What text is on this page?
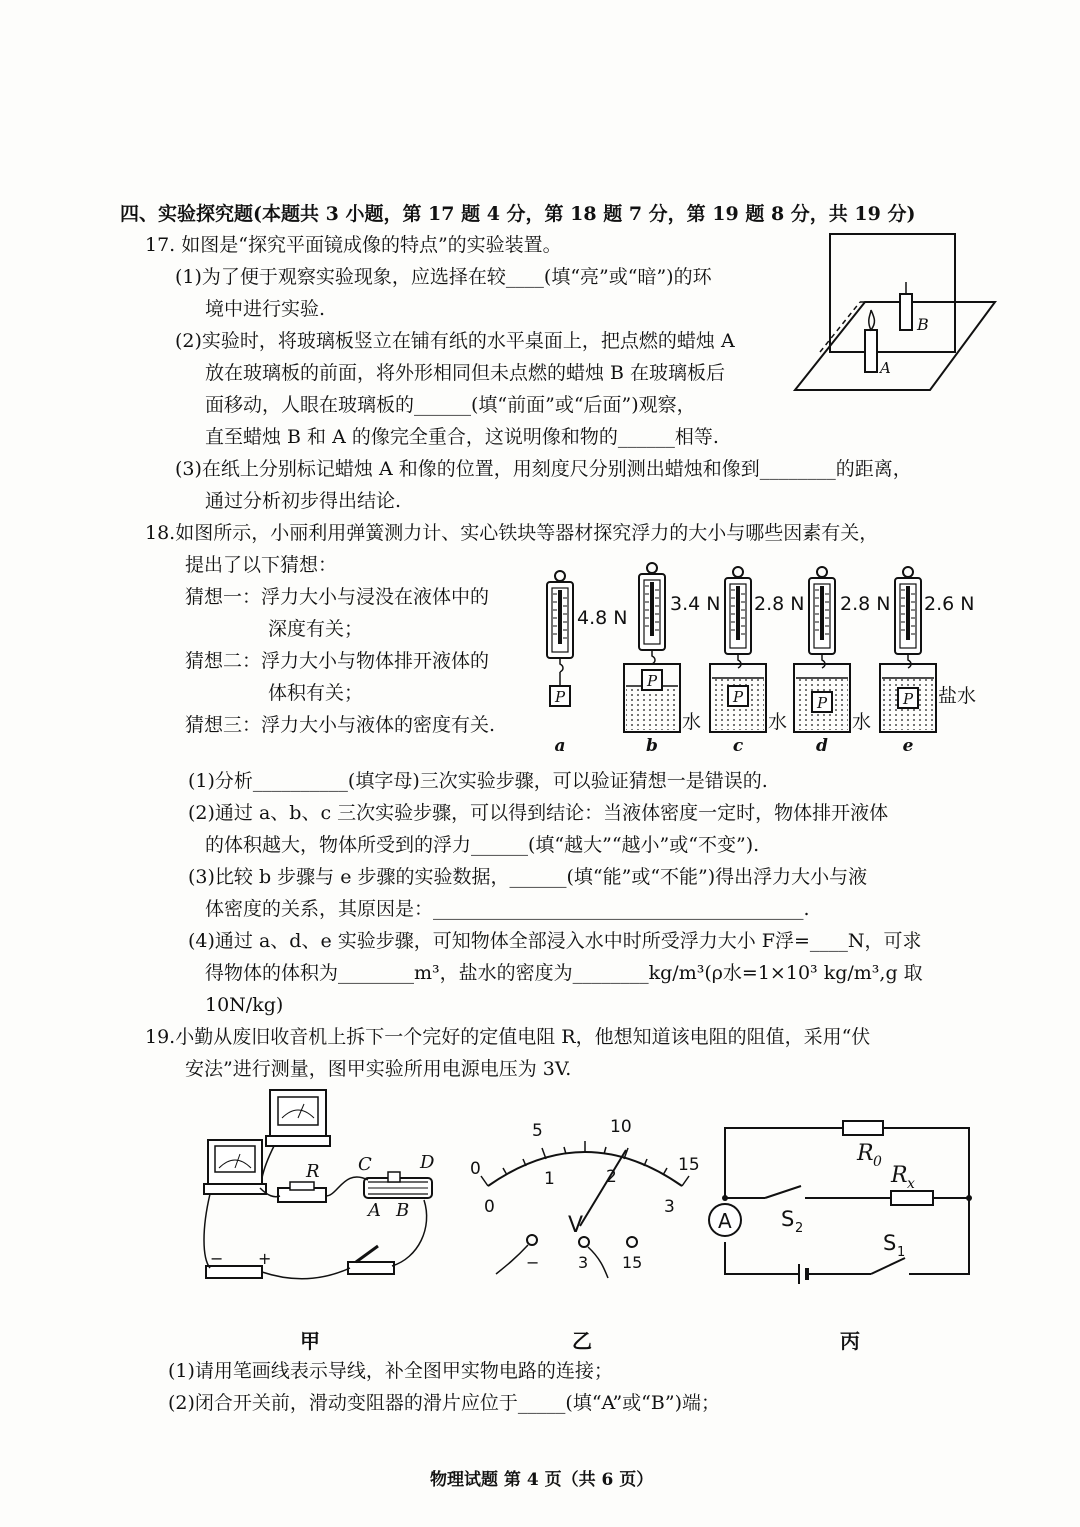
四、实验探究题(本题共 3 小题，第 17 题 4 分，第 18 题 7 分，第 19 题 8 分，共 19 分)
17. 如图是“探究平面镜成像的特点”的实验装置。
(1)为了便于观察实验现象，应选择在较____(填“亮”或“暗”)的环
境中进行实验.
(2)实验时，将玻璃板竖立在铺有纸的水平桌面上，把点燃的蜡烛 A
放在玻璃板的前面，将外形相同但未点燃的蜡烛 B 在玻璃板后
面移动，人眼在玻璃板的______(填“前面”或“后面”)观察，
直至蜡烛 B 和 A 的像完全重合，这说明像和物的______相等.
(3)在纸上分别标记蜡烛 A 和像的位置，用刻度尺分别测出蜡烛和像到________的距离，
通过分析初步得出结论.
B
A
18.如图所示，小丽利用弹簧测力计、实心铁块等器材探究浮力的大小与哪些因素有关，
提出了以下猜想：
猜想一：浮力大小与浸没在液体中的
深度有关；
猜想二：浮力大小与物体排开液体的
体积有关；
猜想三：浮力大小与液体的密度有关.
P
4.8 N
a
P
3.4 N
水
b
P
2.8 N
水
c
P
2.8 N
水
d
P
2.6 N
盐水
e
(1)分析__________(填字母)三次实验步骤，可以验证猜想一是错误的.
(2)通过 a、b、c 三次实验步骤，可以得到结论：当液体密度一定时，物体排开液体
的体积越大，物体所受到的浮力______(填“越大”“越小”或“不变”).
(3)比较 b 步骤与 e 步骤的实验数据，______(填“能”或“不能”)得出浮力大小与液
体密度的关系，其原因是：_______________________________________.
(4)通过 a、d、e 实验步骤，可知物体全部浸入水中时所受浮力大小 F浮=____N，可求
得物体的体积为________m³，盐水的密度为________kg/m³(ρ水=1×10³ kg/m³,g 取
10N/kg)
19.小勤从废旧收音机上拆下一个完好的定值电阻 R，他想知道该电阻的阻值，采用“伏
安法”进行测量，图甲实验所用电源电压为 3V.
R C	D
A B
− +
0
5	10
15
0
1	2
3
V
− 3 15
R 0
R x
S 2
A
S 1
甲	乙	丙
(1)请用笔画线表示导线，补全图甲实物电路的连接；
(2)闭合开关前，滑动变阻器的滑片应位于_____(填“A”或“B”)端；
物理试题 第 4 页（共 6 页）
